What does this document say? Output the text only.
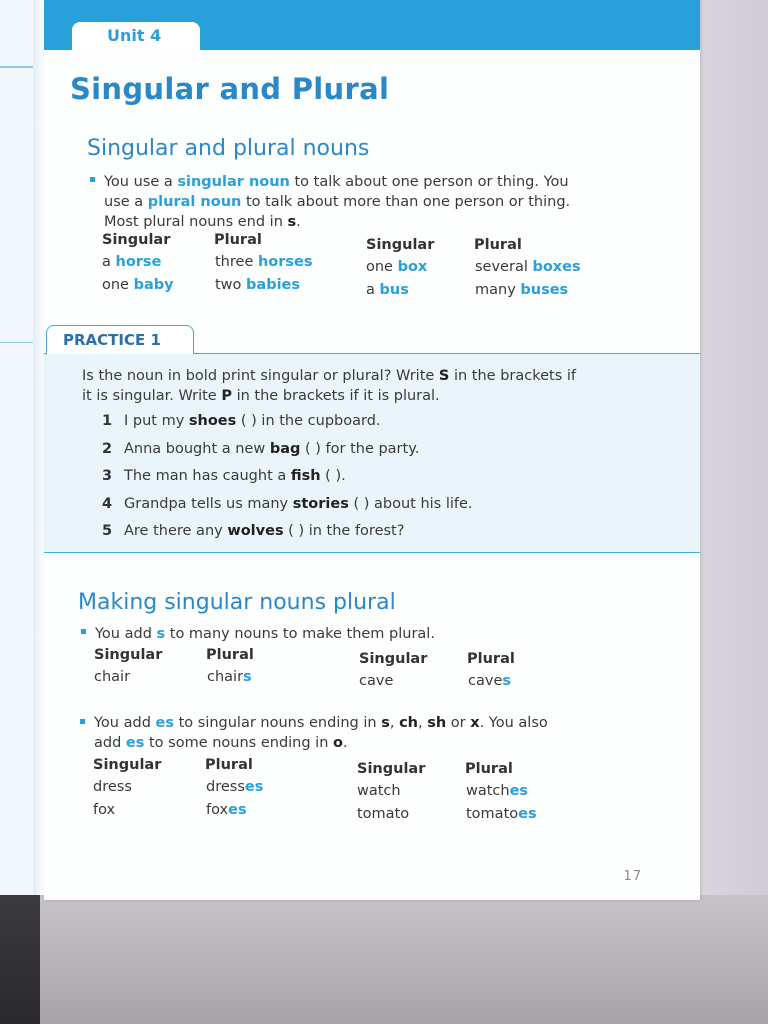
Unit 4
Singular and Plural
Singular and plural nouns
You use a singular noun to talk about one person or thing. You
use a plural noun to talk about more than one person or thing.
Most plural nouns end in s.
Singular	Plural
a horse	three horses
one baby	two babies
Singular	Plural
one box	several boxes
a bus	many buses
PRACTICE 1
Is the noun in bold print singular or plural? Write S in the brackets if
it is singular. Write P in the brackets if it is plural.
1 I put my shoes ( ) in the cupboard.
2 Anna bought a new bag ( ) for the party.
3 The man has caught a fish ( ).
4 Grandpa tells us many stories ( ) about his life.
5 Are there any wolves ( ) in the forest?
Making singular nouns plural
You add s to many nouns to make them plural.
Singular	Plural
chair	chairs
Singular	Plural
cave	caves
You add es to singular nouns ending in s, ch, sh or x. You also
add es to some nouns ending in o.
Singular	Plural
dress	dresses
fox	foxes
Singular	Plural
watch	watches
tomato	tomatoes
17
